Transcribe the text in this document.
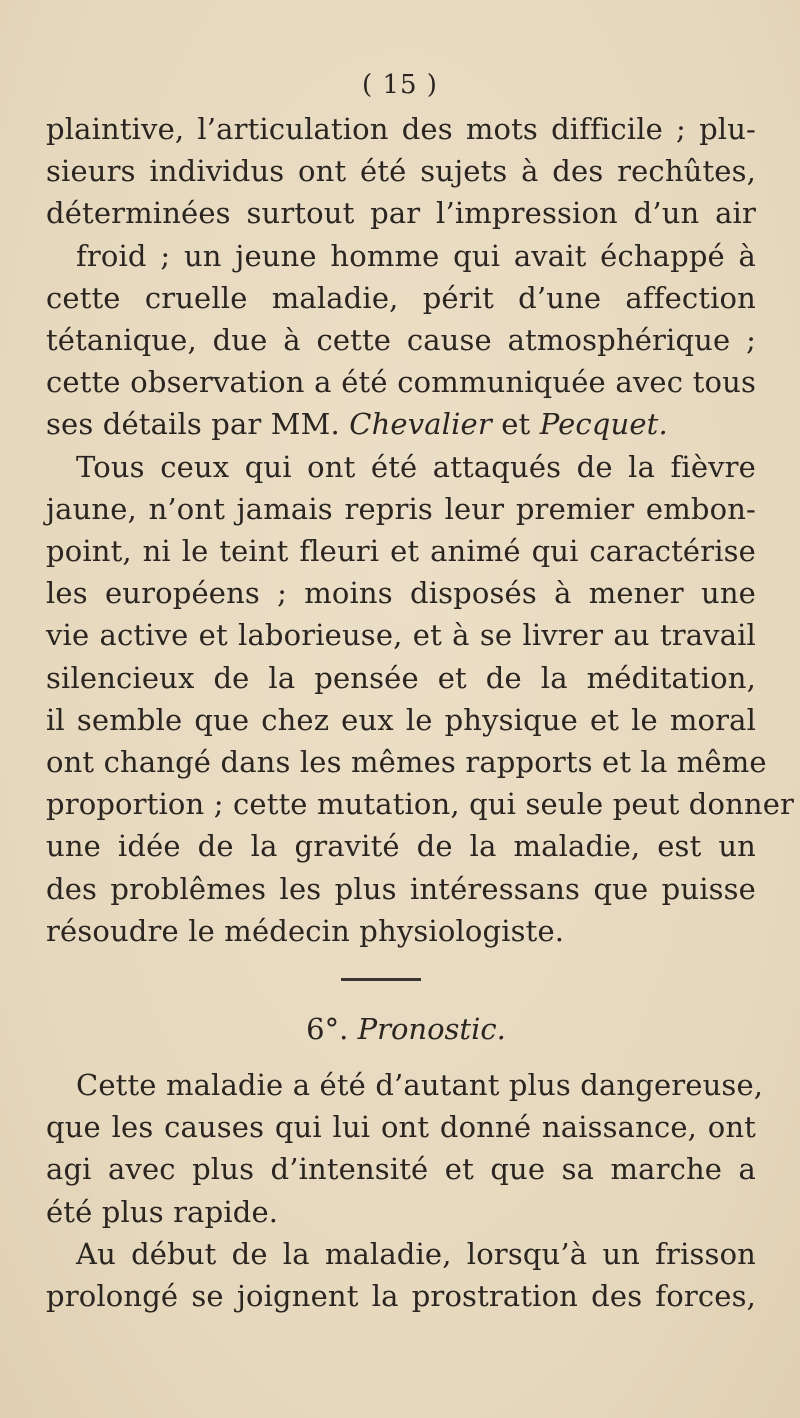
( 15 )
plaintive, l’articulation des mots difficile ; plu-
sieurs individus ont été sujets à des rechûtes,
déterminées surtout par l’impression d’un air
froid ; un jeune homme qui avait échappé à
cette cruelle maladie, périt d’une affection
tétanique, due à cette cause atmosphérique ;
cette observation a été communiquée avec tous
ses détails par MM. Chevalier et Pecquet.
Tous ceux qui ont été attaqués de la fièvre
jaune, n’ont jamais repris leur premier embon-
point, ni le teint fleuri et animé qui caractérise
les européens ; moins disposés à mener une
vie active et laborieuse, et à se livrer au travail
silencieux de la pensée et de la méditation,
il semble que chez eux le physique et le moral
ont changé dans les mêmes rapports et la même
proportion ; cette mutation, qui seule peut donner
une idée de la gravité de la maladie, est un
des problêmes les plus intéressans que puisse
résoudre le médecin physiologiste.
6°. Pronostic.
Cette maladie a été d’autant plus dangereuse,
que les causes qui lui ont donné naissance, ont
agi avec plus d’intensité et que sa marche a
été plus rapide.
Au début de la maladie, lorsqu’à un frisson
prolongé se joignent la prostration des forces,
